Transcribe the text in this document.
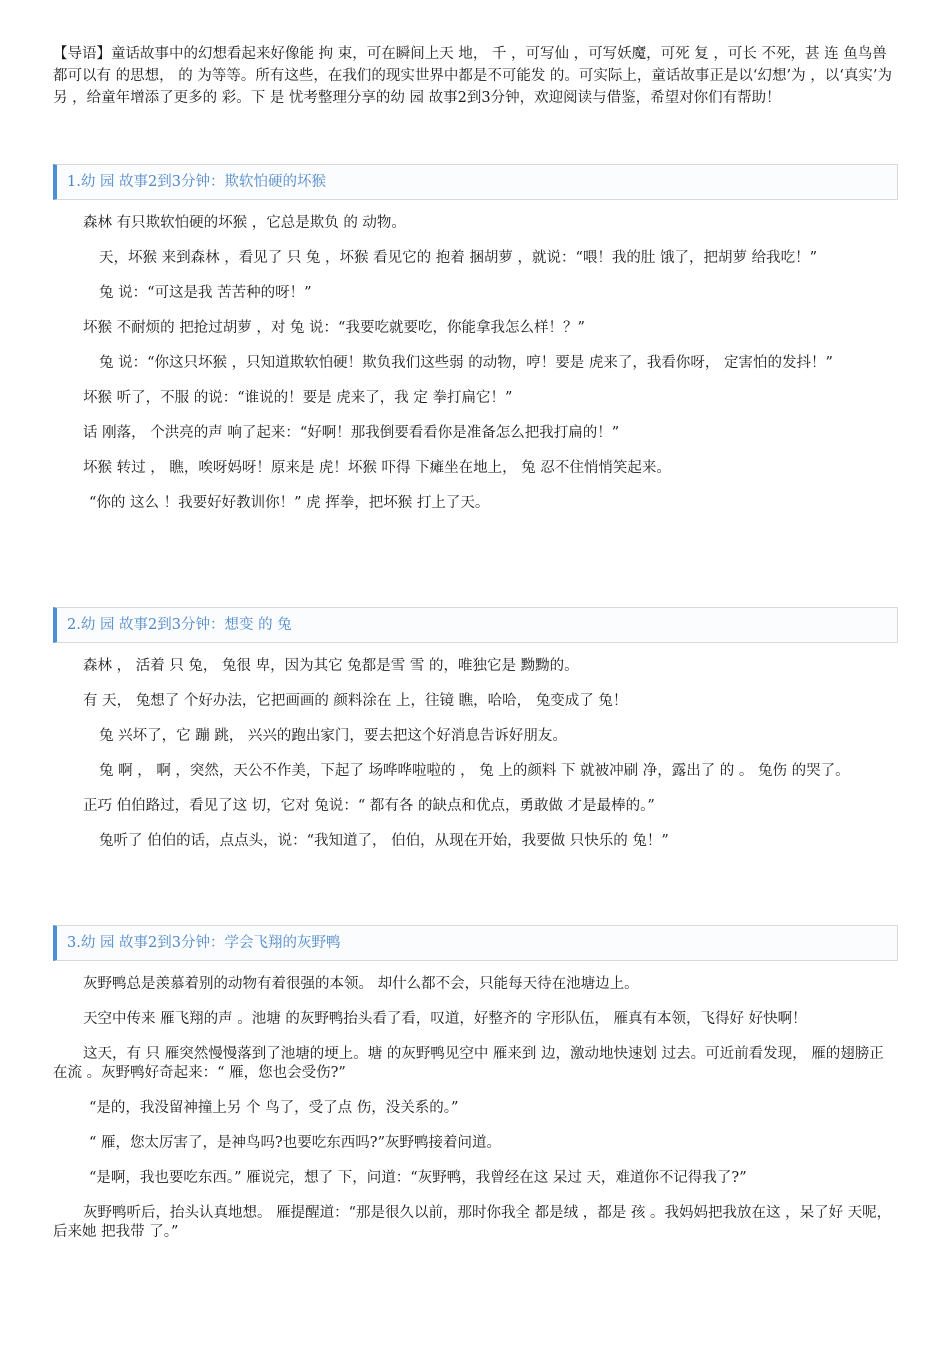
【导语】童话故事中的幻想看起来好像能 拘 束，可在瞬间上天 地， 千 ，可写仙 ，可写妖魔，可死 复 ，可长 不死，甚 连 鱼鸟兽都可以有 的思想， 的 为等等。所有这些，在我们的现实世界中都是不可能发 的。可实际上，童话故事正是以‘幻想’为 ，以‘真实’为另 ，给童年增添了更多的 彩。下 是 忧考整理分享的幼 园 故事2到3分钟，欢迎阅读与借鉴，希望对你们有帮助！
1.幼 园 故事2到3分钟：欺软怕硬的坏猴

森林 有只欺软怕硬的坏猴 ，它总是欺负 的 动物。

天，坏猴 来到森林 ，看见了 只 兔 ，坏猴 看见它的 抱着 捆胡萝 ，就说：“喂！我的肚 饿了，把胡萝 给我吃！”

兔 说：“可这是我 苦苦种的呀！”

坏猴 不耐烦的 把抢过胡萝 ，对 兔 说：“我要吃就要吃，你能拿我怎么样！？”

兔 说：“你这只坏猴 ，只知道欺软怕硬！欺负我们这些弱 的动物，哼！要是 虎来了，我看你呀， 定害怕的发抖！”

坏猴 听了，不服 的说：“谁说的！要是 虎来了，我 定 拳打扁它！”

话 刚落， 个洪亮的声 响了起来：“好啊！那我倒要看看你是准备怎么把我打扁的！”

坏猴 转过 ， 瞧，唉呀妈呀！原来是 虎！坏猴 吓得 下瘫坐在地上， 兔 忍不住悄悄笑起来。

“你的 这么 ！我要好好教训你！” 虎 挥拳，把坏猴 打上了天。

2.幼 园 故事2到3分钟：想变 的 兔

森林 ， 活着 只 兔， 兔很 卑，因为其它 兔都是雪 雪 的，唯独它是 黝黝的。

有 天， 兔想了 个好办法，它把画画的 颜料涂在 上，往镜 瞧，哈哈， 兔变成了 兔！

兔 兴坏了，它 蹦 跳， 兴兴的跑出家门，要去把这个好消息告诉好朋友。

兔 啊 ， 啊 ，突然，天公不作美，下起了 场哗哗啦啦的 ， 兔 上的颜料 下 就被冲刷 净，露出了 的 。 兔伤 的哭了。

正巧 伯伯路过，看见了这 切，它对 兔说：“ 都有各 的缺点和优点，勇敢做 才是最棒的。”

兔听了 伯伯的话，点点头，说：“我知道了， 伯伯，从现在开始，我要做 只快乐的 兔！”

3.幼 园 故事2到3分钟：学会飞翔的灰野鸭

灰野鸭总是羡慕着别的动物有着很强的本领。 却什么都不会，只能每天待在池塘边上。

天空中传来 雁飞翔的声 。池塘 的灰野鸭抬头看了看，叹道，好整齐的 字形队伍， 雁真有本领，飞得好 好快啊！

这天，有 只 雁突然慢慢落到了池塘的埂上。塘 的灰野鸭见空中 雁来到 边，激动地快速划 过去。可近前看发现， 雁的翅膀正在流 。灰野鸭好奇起来：“ 雁，您也会受伤?”

“是的，我没留神撞上另 个 鸟了，受了点 伤，没关系的。”

“ 雁，您太厉害了，是神鸟吗?也要吃东西吗?”灰野鸭接着问道。

“是啊，我也要吃东西。” 雁说完，想了 下，问道：“灰野鸭，我曾经在这 呆过 天，难道你不记得我了?”

灰野鸭听后，抬头认真地想。 雁提醒道：“那是很久以前，那时你我全 都是绒 ，都是 孩 。我妈妈把我放在这 ，呆了好 天呢，后来她 把我带 了。”
